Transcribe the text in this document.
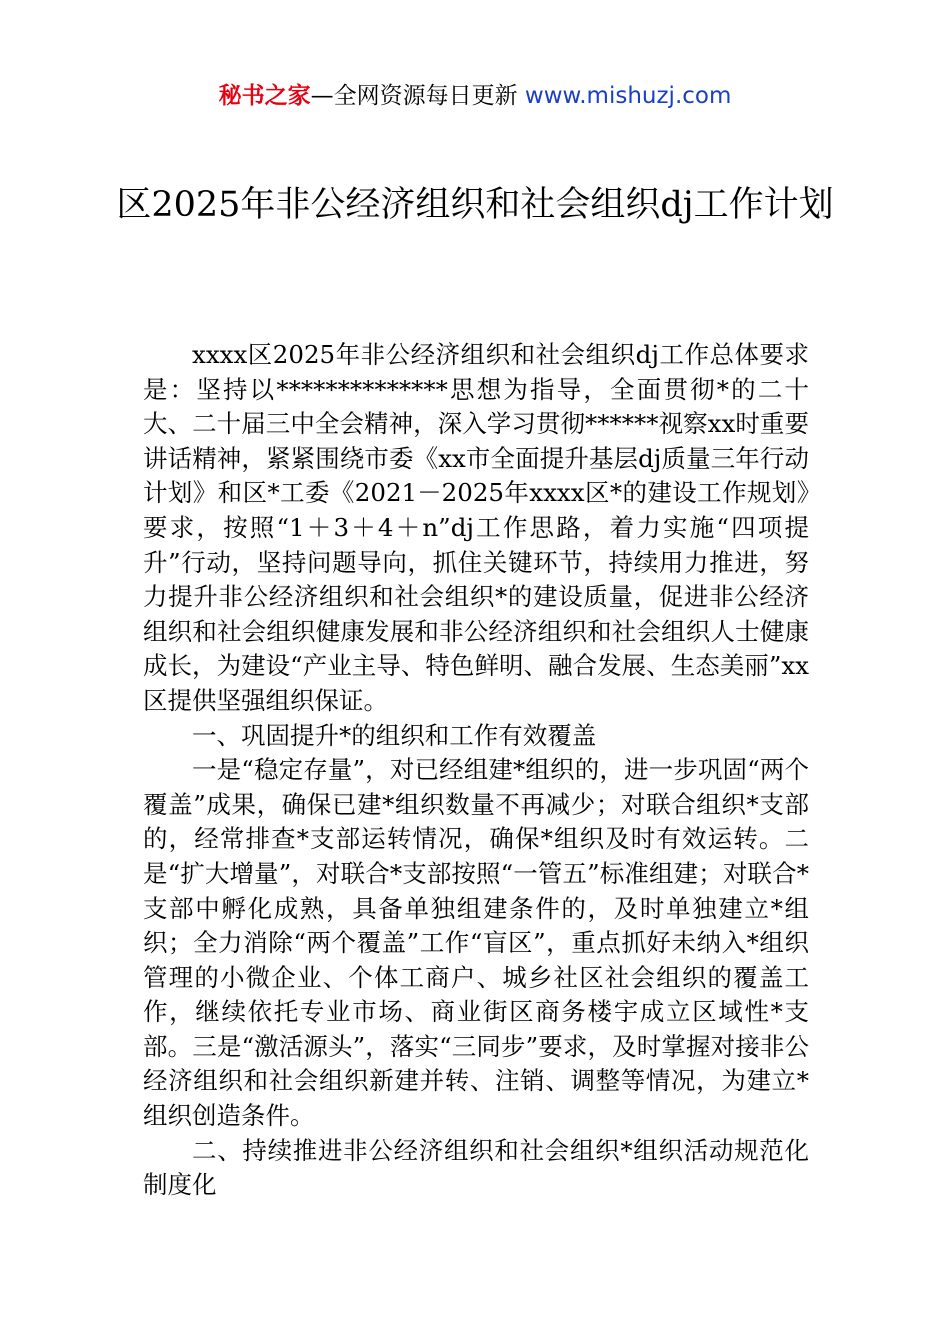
秘书之家—全网资源每日更新 www.mishuzj.com
区2025年非公经济组织和社会组织dj工作计划

xxxx区2025年非公经济组织和社会组织dj工作总体要求是：坚持以**************思想为指导，全面贯彻*的二十大、二十届三中全会精神，深入学习贯彻******视察xx时重要讲话精神，紧紧围绕市委《xx市全面提升基层dj质量三年行动计划》和区*工委《2021－2025年xxxx区*的建设工作规划》要求，按照“1＋3＋4＋n”dj工作思路，着力实施“四项提升”行动，坚持问题导向，抓住关键环节，持续用力推进，努力提升非公经济组织和社会组织*的建设质量，促进非公经济组织和社会组织健康发展和非公经济组织和社会组织人士健康成长，为建设“产业主导、特色鲜明、融合发展、生态美丽”xx区提供坚强组织保证。

一、巩固提升*的组织和工作有效覆盖

一是“稳定存量”，对已经组建*组织的，进一步巩固“两个覆盖”成果，确保已建*组织数量不再减少；对联合组织*支部的，经常排查*支部运转情况，确保*组织及时有效运转。二是“扩大增量”，对联合*支部按照“一管五”标准组建；对联合*支部中孵化成熟，具备单独组建条件的，及时单独建立*组织；全力消除“两个覆盖”工作“盲区”，重点抓好未纳入*组织管理的小微企业、个体工商户、城乡社区社会组织的覆盖工作，继续依托专业市场、商业街区商务楼宇成立区域性*支部。三是“激活源头”，落实“三同步”要求，及时掌握对接非公经济组织和社会组织新建并转、注销、调整等情况，为建立*组织创造条件。

二、持续推进非公经济组织和社会组织*组织活动规范化制度化
